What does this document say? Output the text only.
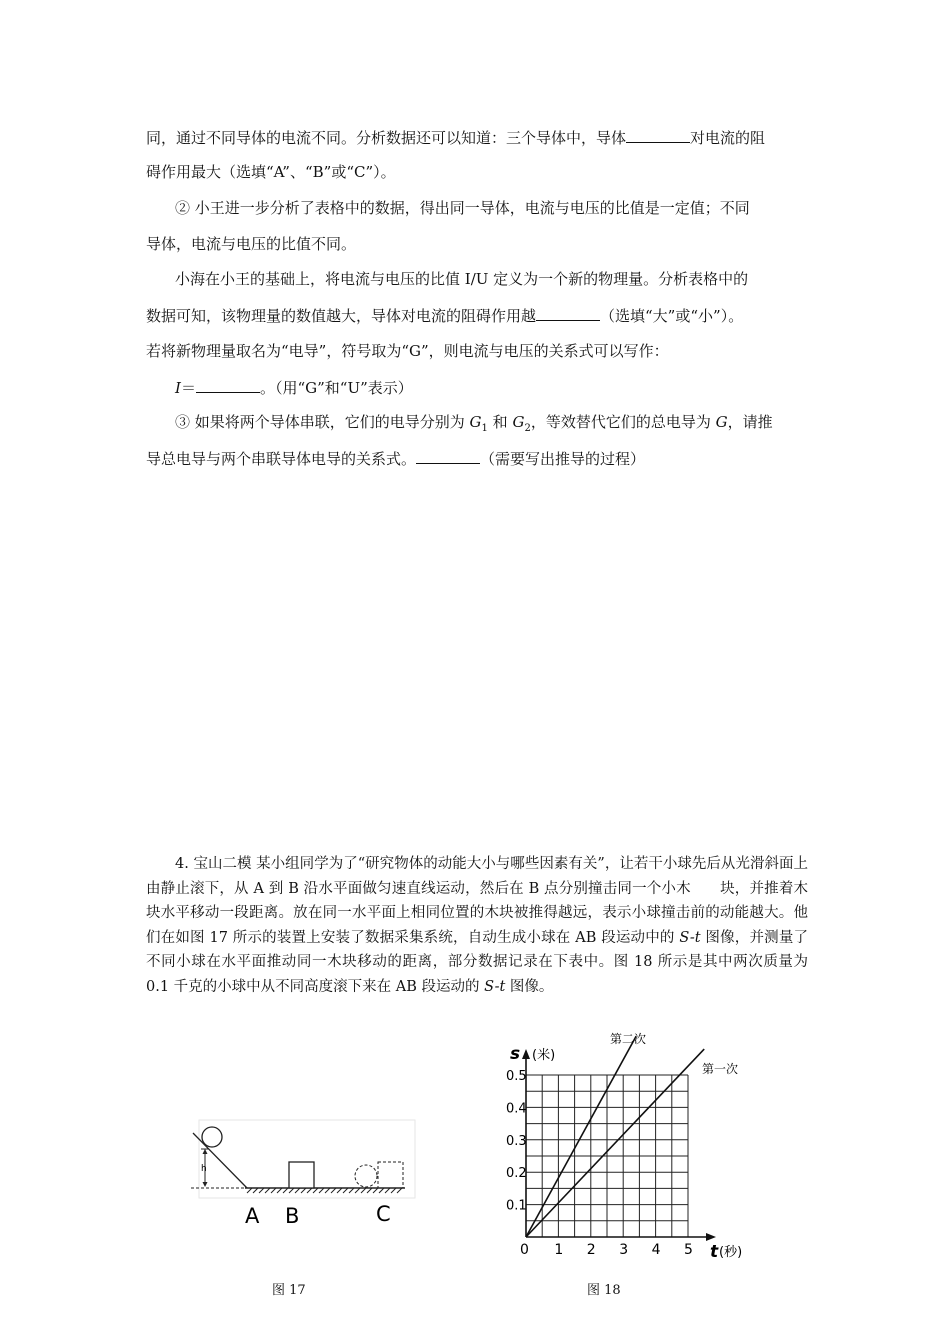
同，通过不同导体的电流不同。分析数据还可以知道：三个导体中，导体	对电流的阻
碍作用最大（选填“A”、“B”或“C”）。
② 小王进一步分析了表格中的数据，得出同一导体，电流与电压的比值是一定值；不同
导体，电流与电压的比值不同。
小海在小王的基础上，将电流与电压的比值 I/U 定义为一个新的物理量。分析表格中的
数据可知，该物理量的数值越大，导体对电流的阻碍作用越	（选填“大”或“小”）。
若将新物理量取名为“电导”，符号取为“G”，则电流与电压的关系式可以写作：
I＝	。（用“G”和“U”表示）
③ 如果将两个导体串联，它们的电导分别为 $G_1$ 和 $G_2$，等效替代它们的总电导为 G，请推
导总电导与两个串联导体电导的关系式。	（需要写出推导的过程）
4. 宝山二模 某小组同学为了“研究物体的动能大小与哪些因素有关”，让若干小球先后从光滑斜面上由静止滚下，从 A 到 B 沿水平面做匀速直线运动，然后在 B 点分别撞击同一个小木　　块，并推着木块水平移动一段距离。放在同一水平面上相同位置的木块被推得越远，表示小球撞击前的动能越大。他们在如图 17 所示的装置上安装了数据采集系统，自动生成小球在 AB 段运动中的 S-t 图像，并测量了不同小球在水平面推动同一木块移动的距离，部分数据记录在下表中。图 18 所示是其中两次质量为 0.1 千克的小球中从不同高度滚下来在 AB 段运动的 S-t 图像。
h
A B	C
图 17
0 1 2 3 4 5
0.1
0.2
0.3
0.4
0.5
t (秒)
s (米)
第一次
第二次
图 18
